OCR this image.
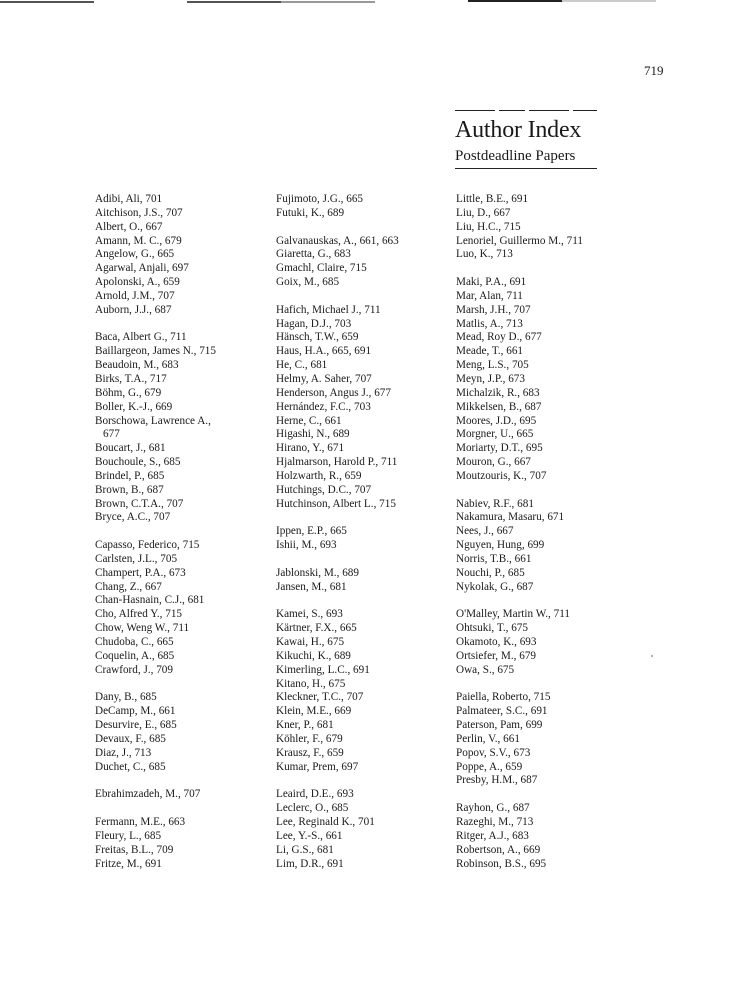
719
Author Index
Postdeadline Papers
Adibi, Ali, 701
Aitchison, J.S., 707
Albert, O., 667
Amann, M. C., 679
Angelow, G., 665
Agarwal, Anjali, 697
Apolonski, A., 659
Arnold, J.M., 707
Auborn, J.J., 687
Baca, Albert G., 711
Baillargeon, James N., 715
Beaudoin, M., 683
Birks, T.A., 717
Böhm, G., 679
Boller, K.-J., 669
Borschowa, Lawrence A.,
677
Boucart, J., 681
Bouchoule, S., 685
Brindel, P., 685
Brown, B., 687
Brown, C.T.A., 707
Bryce, A.C., 707
Capasso, Federico, 715
Carlsten, J.L., 705
Champert, P.A., 673
Chang, Z., 667
Chan-Hasnain, C.J., 681
Cho, Alfred Y., 715
Chow, Weng W., 711
Chudoba, C., 665
Coquelin, A., 685
Crawford, J., 709
Dany, B., 685
DeCamp, M., 661
Desurvire, E., 685
Devaux, F., 685
Diaz, J., 713
Duchet, C., 685
Ebrahimzadeh, M., 707
Fermann, M.E., 663
Fleury, L., 685
Freitas, B.L., 709
Fritze, M., 691
Fujimoto, J.G., 665
Futuki, K., 689
Galvanauskas, A., 661, 663
Giaretta, G., 683
Gmachl, Claire, 715
Goix, M., 685
Hafich, Michael J., 711
Hagan, D.J., 703
Hänsch, T.W., 659
Haus, H.A., 665, 691
He, C., 681
Helmy, A. Saher, 707
Henderson, Angus J., 677
Hernández, F.C., 703
Herne, C., 661
Higashi, N., 689
Hirano, Y., 671
Hjalmarson, Harold P., 711
Holzwarth, R., 659
Hutchings, D.C., 707
Hutchinson, Albert L., 715
Ippen, E.P., 665
Ishii, M., 693
Jablonski, M., 689
Jansen, M., 681
Kamei, S., 693
Kärtner, F.X., 665
Kawai, H., 675
Kikuchi, K., 689
Kimerling, L.C., 691
Kitano, H., 675
Kleckner, T.C., 707
Klein, M.E., 669
Kner, P., 681
Köhler, F., 679
Krausz, F., 659
Kumar, Prem, 697
Leaird, D.E., 693
Leclerc, O., 685
Lee, Reginald K., 701
Lee, Y.-S., 661
Li, G.S., 681
Lim, D.R., 691
Little, B.E., 691
Liu, D., 667
Liu, H.C., 715
Lenoriel, Guillermo M., 711
Luo, K., 713
Maki, P.A., 691
Mar, Alan, 711
Marsh, J.H., 707
Matlis, A., 713
Mead, Roy D., 677
Meade, T., 661
Meng, L.S., 705
Meyn, J.P., 673
Michalzik, R., 683
Mikkelsen, B., 687
Moores, J.D., 695
Morgner, U., 665
Moriarty, D.T., 695
Mouron, G., 667
Moutzouris, K., 707
Nabiev, R.F., 681
Nakamura, Masaru, 671
Nees, J., 667
Nguyen, Hung, 699
Norris, T.B., 661
Nouchi, P., 685
Nykolak, G., 687
O'Malley, Martin W., 711
Ohtsuki, T., 675
Okamoto, K., 693
Ortsiefer, M., 679
Owa, S., 675
Paiella, Roberto, 715
Palmateer, S.C., 691
Paterson, Pam, 699
Perlin, V., 661
Popov, S.V., 673
Poppe, A., 659
Presby, H.M., 687
Rayhon, G., 687
Razeghi, M., 713
Ritger, A.J., 683
Robertson, A., 669
Robinson, B.S., 695
